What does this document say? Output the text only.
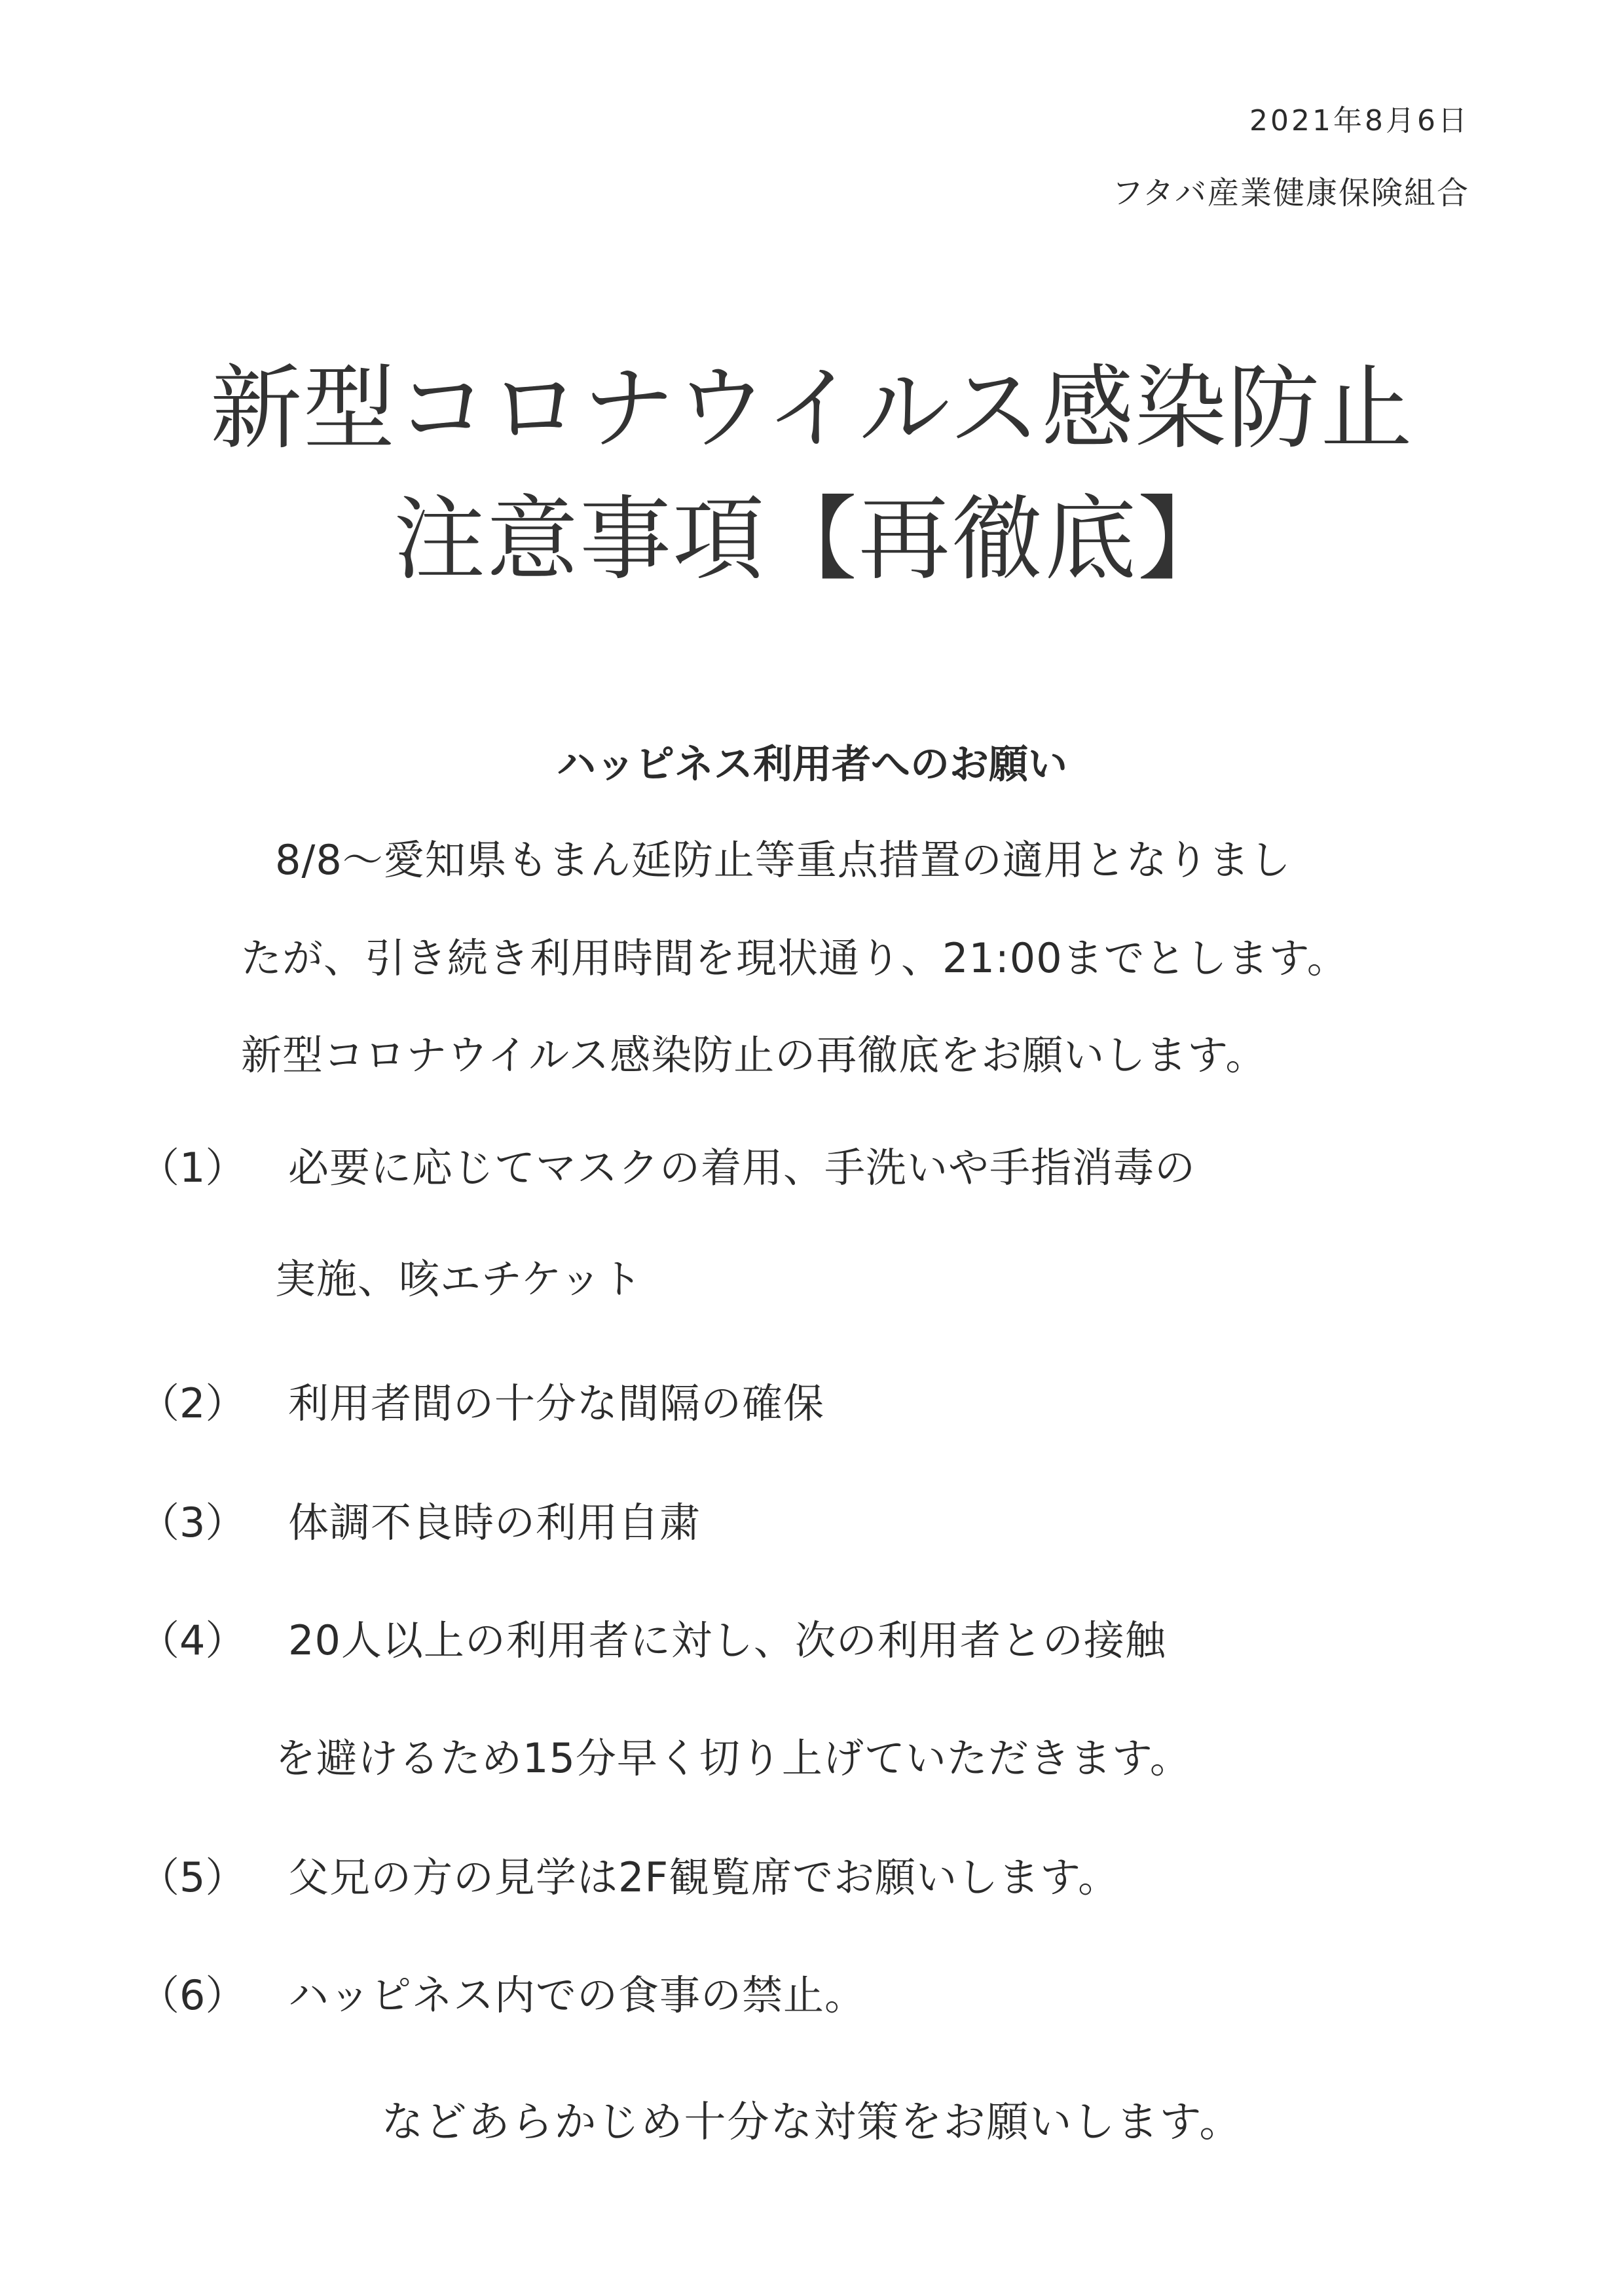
2021年8月6日
フタバ産業健康保険組合
新型コロナウイルス感染防止
注意事項【再徹底】
ハッピネス利用者へのお願い
8/8～愛知県もまん延防止等重点措置の適用となりまし
たが、引き続き利用時間を現状通り、21:00までとします。
新型コロナウイルス感染防止の再徹底をお願いします。
（1） 必要に応じてマスクの着用、手洗いや手指消毒の
実施、咳エチケット
（2） 利用者間の十分な間隔の確保
（3） 体調不良時の利用自粛
（4） 20人以上の利用者に対し、次の利用者との接触
を避けるため15分早く切り上げていただきます。
（5） 父兄の方の見学は2F観覧席でお願いします。
（6） ハッピネス内での食事の禁止。
などあらかじめ十分な対策をお願いします。
